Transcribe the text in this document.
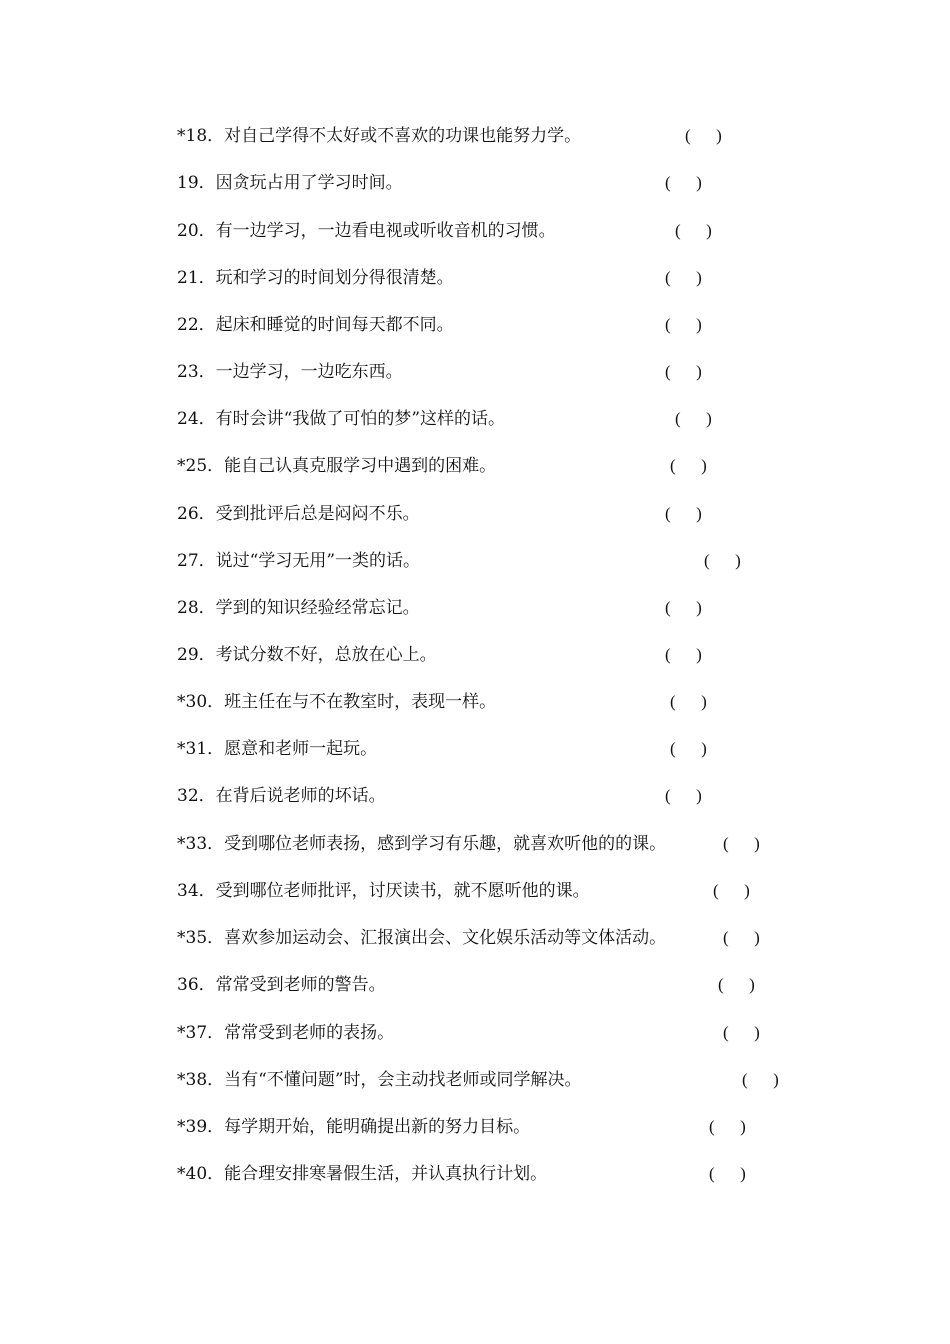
*18．对自己学得不太好或不喜欢的功课也能努力学。	(      )
19．因贪玩占用了学习时间。	(      )
20．有一边学习，一边看电视或听收音机的习惯。	(      )
21．玩和学习的时间划分得很清楚。	(      )
22．起床和睡觉的时间每天都不同。	(      )
23．一边学习，一边吃东西。	(      )
24．有时会讲“我做了可怕的梦”这样的话。	(      )
*25．能自己认真克服学习中遇到的困难。	(      )
26．受到批评后总是闷闷不乐。	(      )
27．说过“学习无用”一类的话。	(      )
28．学到的知识经验经常忘记。	(      )
29．考试分数不好，总放在心上。	(      )
*30．班主任在与不在教室时，表现一样。	(      )
*31．愿意和老师一起玩。	(      )
32．在背后说老师的坏话。	(      )
*33．受到哪位老师表扬，感到学习有乐趣，就喜欢听他的的课。	(      )
34．受到哪位老师批评，讨厌读书，就不愿听他的课。	(      )
*35．喜欢参加运动会、汇报演出会、文化娱乐活动等文体活动。	(      )
36．常常受到老师的警告。	(      )
*37．常常受到老师的表扬。	(      )
*38．当有“不懂问题”时，会主动找老师或同学解决。	(      )
*39．每学期开始，能明确提出新的努力目标。	(      )
*40．能合理安排寒暑假生活，并认真执行计划。	(      )
